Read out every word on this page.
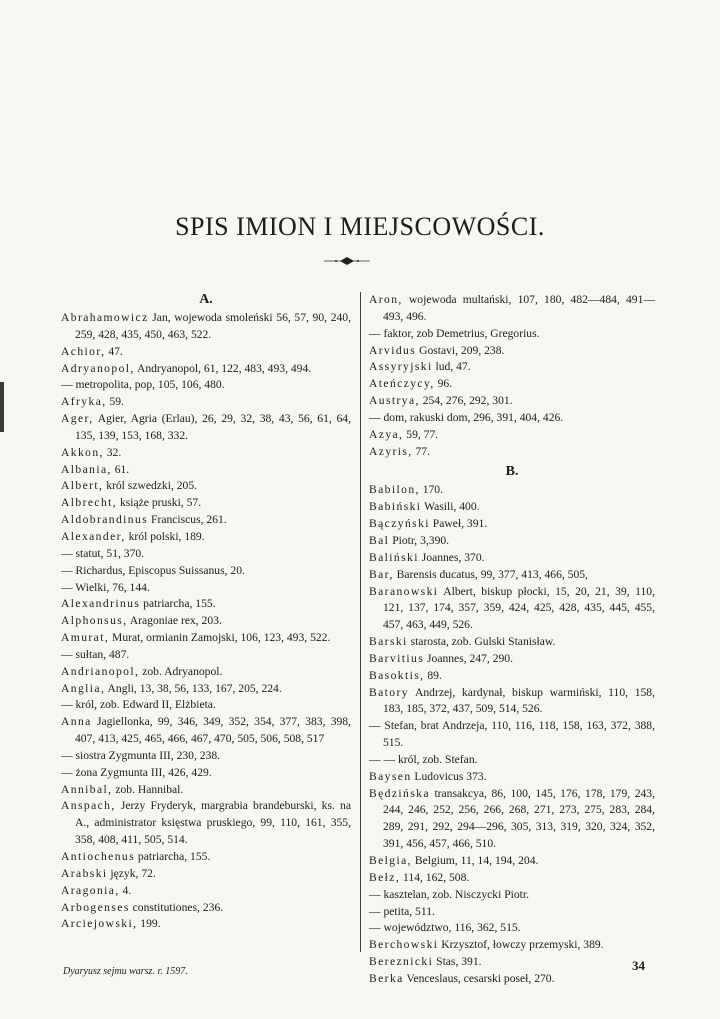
SPIS IMION I MIEJSCOWOŚCI.
A.

Abrahamowicz Jan, wojewoda smoleński 56, 57, 90, 240, 259, 428, 435, 450, 463, 522.

Achior, 47.

Adryanopol, Andryanopol, 61, 122, 483, 493, 494.

— metropolita, pop, 105, 106, 480.

Afryka, 59.

Ager, Agier, Agria (Erlau), 26, 29, 32, 38, 43, 56, 61, 64, 135, 139, 153, 168, 332.

Akkon, 32.

Albania, 61.

Albert, król szwedzki, 205.

Albrecht, książe pruski, 57.

Aldobrandinus Franciscus, 261.

Alexander, król polski, 189.

— statut, 51, 370.

— Richardus, Episcopus Suissanus, 20.

— Wielki, 76, 144.

Alexandrinus patriarcha, 155.

Alphonsus, Aragoniae rex, 203.

Amurat, Murat, ormianin Zamojski, 106, 123, 493, 522.

— sułtan, 487.

Andrianopol, zob. Adryanopol.

Anglia, Angli, 13, 38, 56, 133, 167, 205, 224.

— król, zob. Edward II, Elżbieta.

Anna Jagiellonka, 99, 346, 349, 352, 354, 377, 383, 398, 407, 413, 425, 465, 466, 467, 470, 505, 506, 508, 517

— siostra Zygmunta III, 230, 238.

— żona Zygmunta III, 426, 429.

Annibal, zob. Hannibal.

Anspach, Jerzy Fryderyk, margrabia brandeburski, ks. na A., administrator księstwa pruskiego, 99, 110, 161, 355, 358, 408, 411, 505, 514.

Antiochenus patriarcha, 155.

Arabski język, 72.

Aragonia, 4.

Arbogenses constitutiones, 236.

Arciejowski, 199.

Aron, wojewoda multański, 107, 180, 482—484, 491—493, 496.

— faktor, zob Demetrius, Gregorius.

Arvidus Gostavi, 209, 238.

Assyryjski lud, 47.

Ateńczycy, 96.

Austrya, 254, 276, 292, 301.

— dom, rakuski dom, 296, 391, 404, 426.

Azya, 59, 77.

Azyris, 77.

B.

Babilon, 170.

Babiński Wasili, 400.

Bączyński Paweł, 391.

Bal Piotr, 3,390.

Baliński Joannes, 370.

Bar, Barensis ducatus, 99, 377, 413, 466, 505,

Baranowski Albert, biskup płocki, 15, 20, 21, 39, 110, 121, 137, 174, 357, 359, 424, 425, 428, 435, 445, 455, 457, 463, 449, 526.

Barski starosta, zob. Gulski Stanisław.

Barvitius Joannes, 247, 290.

Basoktis, 89.

Batory Andrzej, kardynał, biskup warmiński, 110, 158, 183, 185, 372, 437, 509, 514, 526.

— Stefan, brat Andrzeja, 110, 116, 118, 158, 163, 372, 388, 515.

— — król, zob. Stefan.

Baysen Ludovicus 373.

Będzińska transakcya, 86, 100, 145, 176, 178, 179, 243, 244, 246, 252, 256, 266, 268, 271, 273, 275, 283, 284, 289, 291, 292, 294—296, 305, 313, 319, 320, 324, 352, 391, 456, 457, 466, 510.

Belgia, Belgium, 11, 14, 194, 204.

Bełz, 114, 162, 508.

— kasztelan, zob. Nisczycki Piotr.

— petita, 511.

— województwo, 116, 362, 515.

Berchowski Krzysztof, łowczy przemyski, 389.

Bereznicki Stas, 391.

Berka Venceslaus, cesarski poseł, 270.

Dyaryusz sejmu warsz. r. 1597.	34
